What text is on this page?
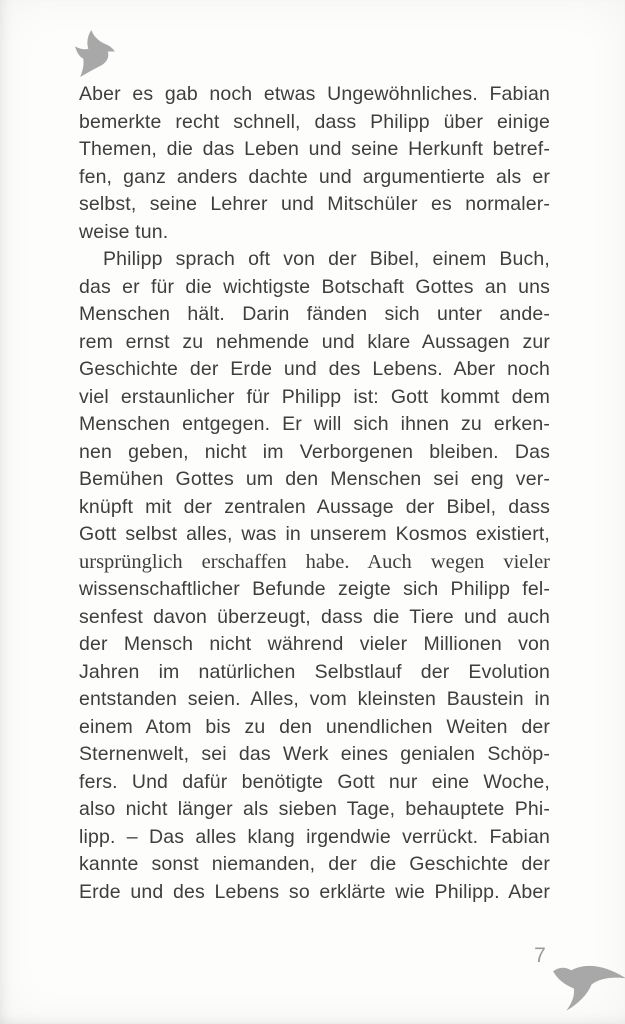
Aber es gab noch etwas Ungewöhnliches. Fabian
bemerkte recht schnell, dass Philipp über einige
Themen, die das Leben und seine Herkunft betref-
fen, ganz anders dachte und argumentierte als er
selbst, seine Lehrer und Mitschüler es normaler-
weise tun.
Philipp sprach oft von der Bibel, einem Buch,
das er für die wichtigste Botschaft Gottes an uns
Menschen hält. Darin fänden sich unter ande-
rem ernst zu nehmende und klare Aussagen zur
Geschichte der Erde und des Lebens. Aber noch
viel erstaunlicher für Philipp ist: Gott kommt dem
Menschen entgegen. Er will sich ihnen zu erken-
nen geben, nicht im Verborgenen bleiben. Das
Bemühen Gottes um den Menschen sei eng ver-
knüpft mit der zentralen Aussage der Bibel, dass
Gott selbst alles, was in unserem Kosmos existiert,
ursprünglich erschaffen habe. Auch wegen vieler
wissenschaftlicher Befunde zeigte sich Philipp fel-
senfest davon überzeugt, dass die Tiere und auch
der Mensch nicht während vieler Millionen von
Jahren im natürlichen Selbstlauf der Evolution
entstanden seien. Alles, vom kleinsten Baustein in
einem Atom bis zu den unendlichen Weiten der
Sternenwelt, sei das Werk eines genialen Schöp-
fers. Und dafür benötigte Gott nur eine Woche,
also nicht länger als sieben Tage, behauptete Phi-
lipp. – Das alles klang irgendwie verrückt. Fabian
kannte sonst niemanden, der die Geschichte der
Erde und des Lebens so erklärte wie Philipp. Aber
7
